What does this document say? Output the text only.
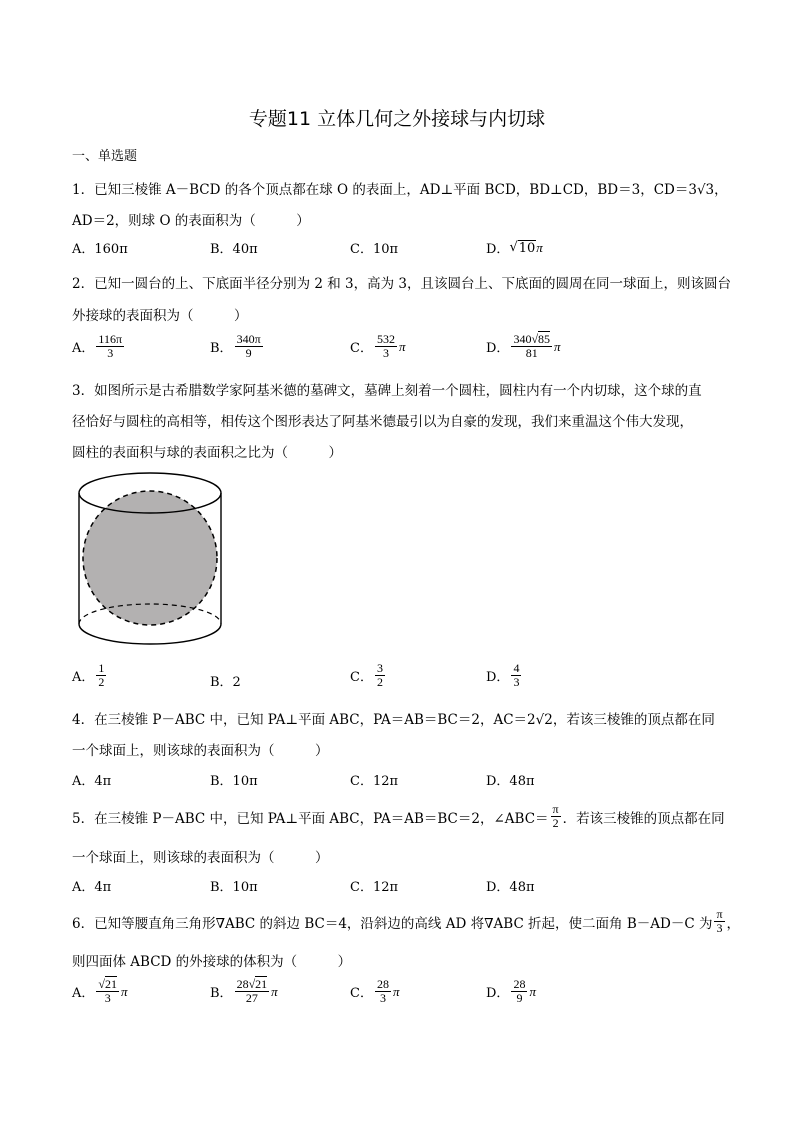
专题11 立体几何之外接球与内切球
一、单选题
1．已知三棱锥 A－BCD 的各个顶点都在球 O 的表面上，AD⊥平面 BCD，BD⊥CD，BD＝3，CD＝3√3，
AD＝2，则球 O 的表面积为（　　　）
A．160π	B．40π	C．10π	D． √ 10 π
2．已知一圆台的上、下底面半径分别为 2 和 3，高为 3，且该圆台上、下底面的圆周在同一球面上，则该圆台
外接球的表面积为（　　　）
A． $\frac{116\pi}{3}$	B． $\frac{340\pi}{9}$	C． $\frac{532}{3}$ π	D． $\frac{340√85}{81}$ π
3．如图所示是古希腊数学家阿基米德的墓碑文，墓碑上刻着一个圆柱，圆柱内有一个内切球，这个球的直
径恰好与圆柱的高相等，相传这个图形表达了阿基米德最引以为自豪的发现，我们来重温这个伟大发现，
圆柱的表面积与球的表面积之比为（　　　）
A． $\frac{1}{2}$	B．2	C． $\frac{3}{2}$	D． $\frac{4}{3}$
4．在三棱锥 P－ABC 中，已知 PA⊥平面 ABC，PA＝AB＝BC＝2，AC＝2√2，若该三棱锥的顶点都在同
一个球面上，则该球的表面积为（　　　）
A．4π	B．10π	C．12π	D．48π
5．在三棱锥 P－ABC 中，已知 PA⊥平面 ABC，PA＝AB＝BC＝2，∠ABC＝ $\frac{\pi}{2}$ ．若该三棱锥的顶点都在同
一个球面上，则该球的表面积为（　　　）
A．4π	B．10π	C．12π	D．48π
6．已知等腰直角三角形∇ABC 的斜边 BC＝4，沿斜边的高线 AD 将∇ABC 折起，使二面角 B－AD－C 为 $\frac{\pi}{3}$ ，
则四面体 ABCD 的外接球的体积为（　　　）
A． $\frac{√21}{3}$ π	B． $\frac{28√21}{27}$ π	C． $\frac{28}{3}$ π	D． $\frac{28}{9}$ π
